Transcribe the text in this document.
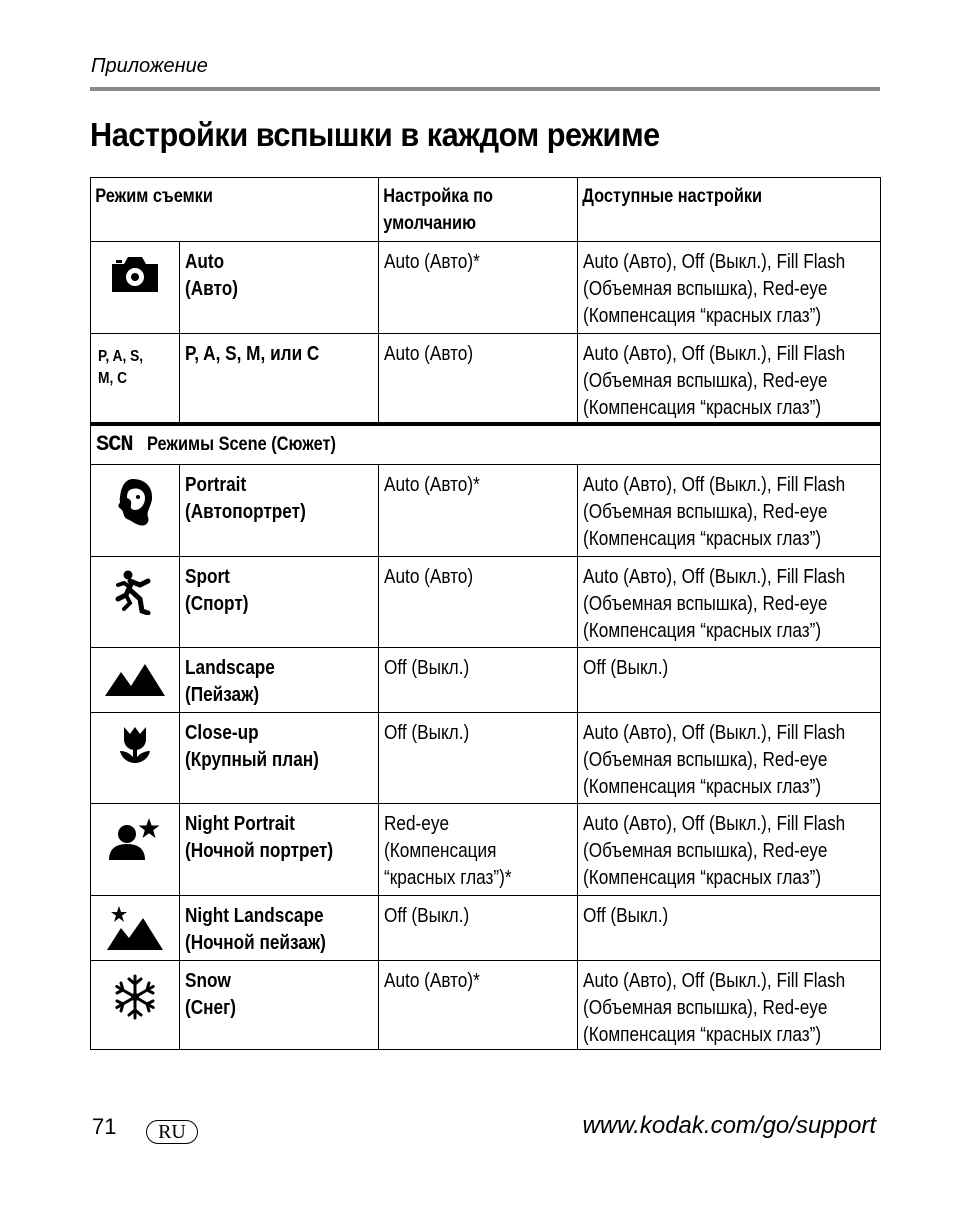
Приложение
Настройки вспышки в каждом режиме
Режим съемки		Настройка по
умолчанию	Доступные настройки

Auto
(Авто)	Auto (Авто)*	Auto (Авто), Off (Выкл.), Fill Flash
(Объемная вспышка), Red-eye
(Компенсация “красных глаз”)

P, A, S,
M, C	P, A, S, M, или C	Auto (Авто)	Auto (Авто), Off (Выкл.), Fill Flash
(Объемная вспышка), Red-eye
(Компенсация “красных глаз”)

SCN Режимы Scene (Сюжет)			

Portrait
(Автопортрет)	Auto (Авто)*	Auto (Авто), Off (Выкл.), Fill Flash
(Объемная вспышка), Red-eye
(Компенсация “красных глаз”)

Sport
(Спорт)	Auto (Авто)	Auto (Авто), Off (Выкл.), Fill Flash
(Объемная вспышка), Red-eye
(Компенсация “красных глаз”)

Landscape
(Пейзаж)	Off (Выкл.)	Off (Выкл.)

Close-up
(Крупный план)	Off (Выкл.)	Auto (Авто), Off (Выкл.), Fill Flash
(Объемная вспышка), Red-eye
(Компенсация “красных глаз”)

Night Portrait
(Ночной портрет)	Red-eye
(Компенсация
“красных глаз”)*	Auto (Авто), Off (Выкл.), Fill Flash
(Объемная вспышка), Red-eye
(Компенсация “красных глаз”)

Night Landscape
(Ночной пейзаж)	Off (Выкл.)	Off (Выкл.)

Snow
(Снег)	Auto (Авто)*	Auto (Авто), Off (Выкл.), Fill Flash
(Объемная вспышка), Red-eye
(Компенсация “красных глаз”)
71	RU	www.kodak.com/go/support
